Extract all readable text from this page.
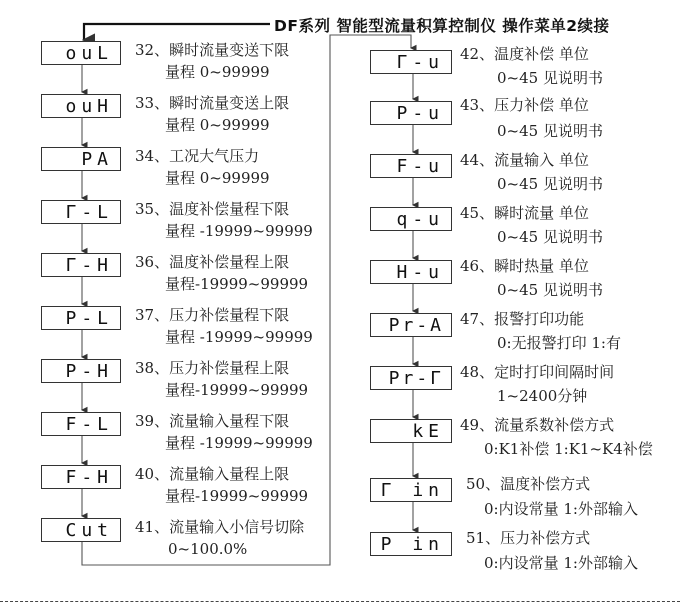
DF系列 智能型流量积算控制仪 操作菜单2续接
ouL 32、瞬时流量变送下限
量程 0~99999
ouH 33、瞬时流量变送上限
量程 0~99999
PA 34、工况大气压力
量程 0~99999
Γ-L 35、温度补偿量程下限
量程 -19999~99999
Γ-H 36、温度补偿量程上限
量程-19999~99999
P-L 37、压力补偿量程下限
量程 -19999~99999
P-H 38、压力补偿量程上限
量程-19999~99999
F-L 39、流量输入量程下限
量程 -19999~99999
F-H 40、流量输入量程上限
量程-19999~99999
Cut 41、流量输入小信号切除
0~100.0%
Γ-u 42、温度补偿 单位
0~45 见说明书
P-u 43、压力补偿 单位
0~45 见说明书
F-u 44、流量输入 单位
0~45 见说明书
q-u 45、瞬时流量 单位
0~45 见说明书
H-u 46、瞬时热量 单位
0~45 见说明书
Pr-A 47、报警打印功能
0:无报警打印 1:有
Pr-Γ 48、定时打印间隔时间
1~2400分钟
kE 49、流量系数补偿方式
0:K1补偿 1:K1~K4补偿
Γ in 50、温度补偿方式
0:内设常量 1:外部输入
P in 51、压力补偿方式
0:内设常量 1:外部输入
